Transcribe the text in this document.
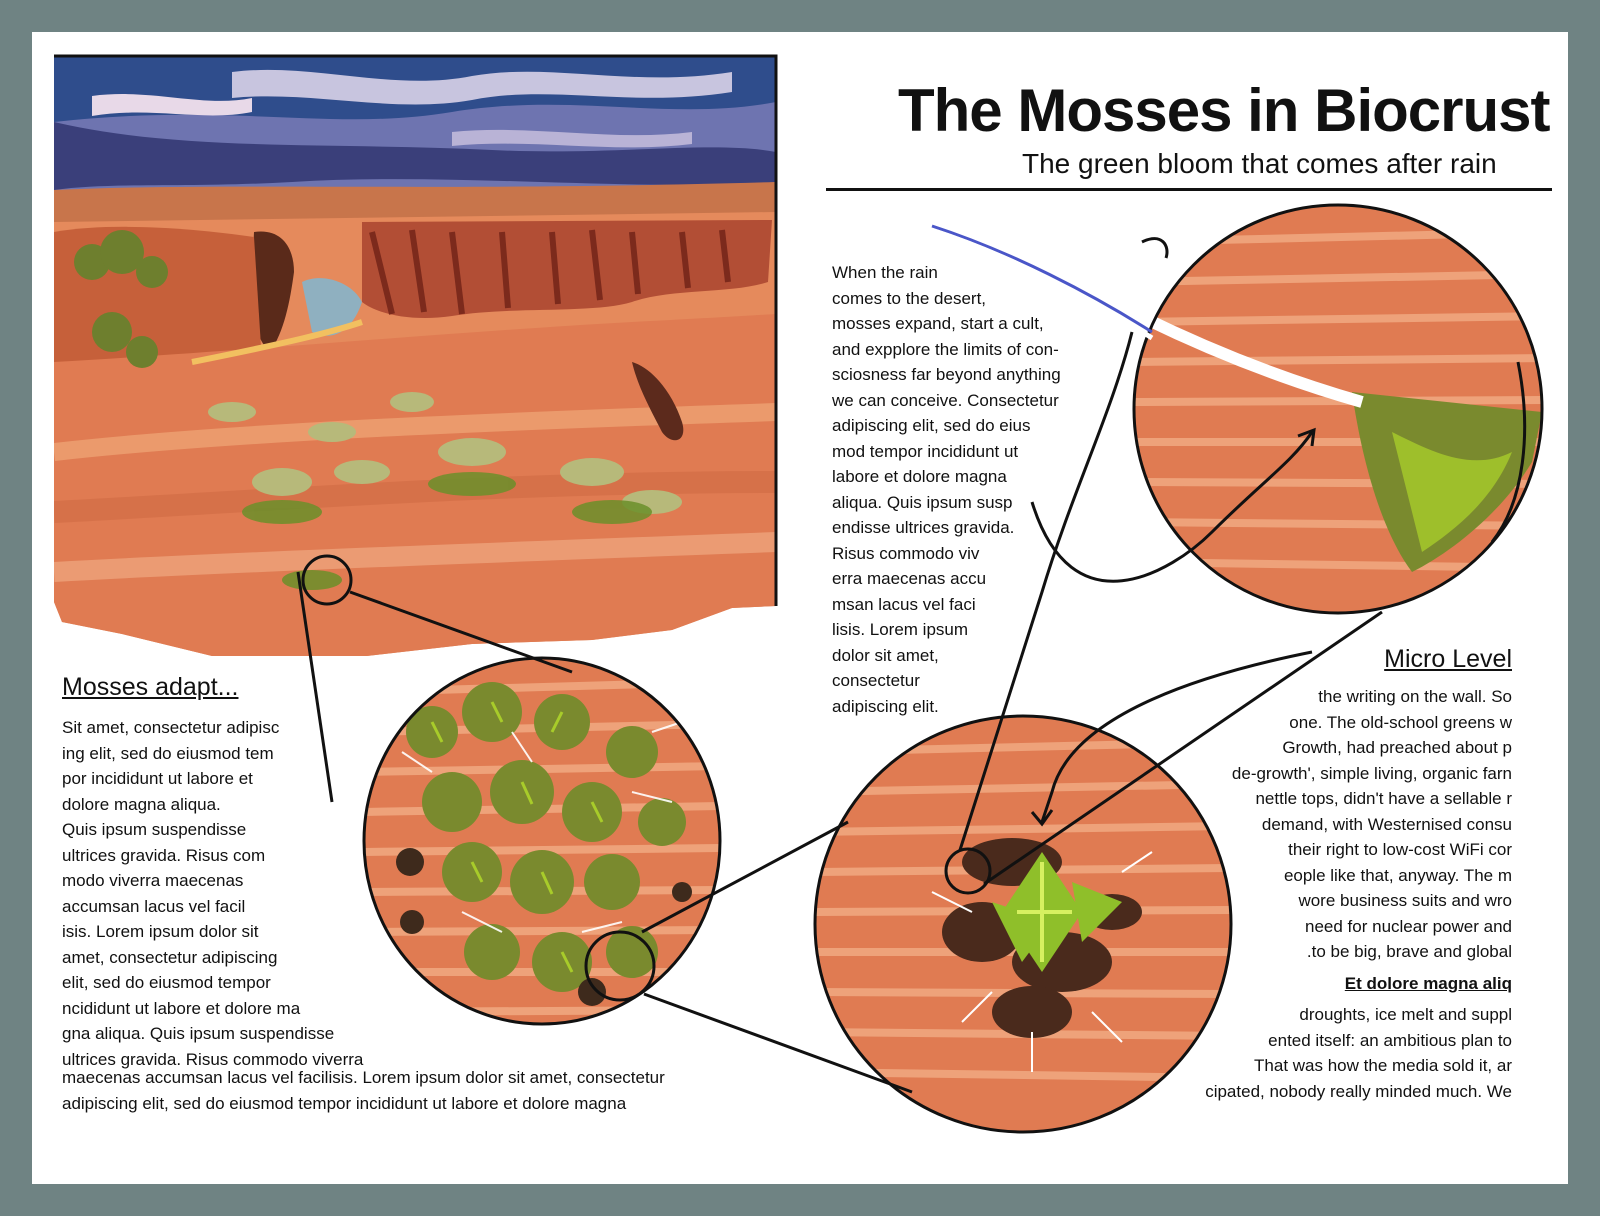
The Mosses in Biocrust
The green bloom that comes after rain
When the rain
comes to the desert,
mosses expand, start a cult,
and expplore the limits of con-
sciosness far beyond anything
we can conceive. Consectetur
adipiscing elit, sed do eius
mod tempor incididunt ut
labore et dolore magna
aliqua. Quis ipsum susp
endisse ultrices gravida.
Risus commodo viv
erra maecenas accu
msan lacus vel faci
lisis. Lorem ipsum
dolor sit amet,
consectetur
adipiscing elit.
Mosses adapt...
Sit amet, consectetur adipisc
ing elit, sed do eiusmod tem
por incididunt ut labore et
dolore magna aliqua.
Quis ipsum suspendisse
ultrices gravida. Risus com
modo viverra maecenas
accumsan lacus vel facil
isis. Lorem ipsum dolor sit
amet, consectetur adipiscing
elit, sed do eiusmod tempor
ncididunt ut labore et dolore ma
gna aliqua. Quis ipsum suspendisse
ultrices gravida. Risus commodo viverra
maecenas accumsan lacus vel facilisis. Lorem ipsum dolor sit amet, consectetur
adipiscing elit, sed do eiusmod tempor incididunt ut labore et dolore magna
Micro Level
the writing on the wall. So
one. The old-school greens w
Growth, had preached about p
de-growth', simple living, organic farn
nettle tops, didn't have a sellable r
demand, with Westernised consu
their right to low-cost WiFi cor
eople like that, anyway. The m
wore business suits and wro
need for nuclear power and
to be big, brave and global.
Et dolore magna aliq
droughts, ice melt and suppl
ented itself: an ambitious plan to
That was how the media sold it, ar
cipated, nobody really minded much. We
